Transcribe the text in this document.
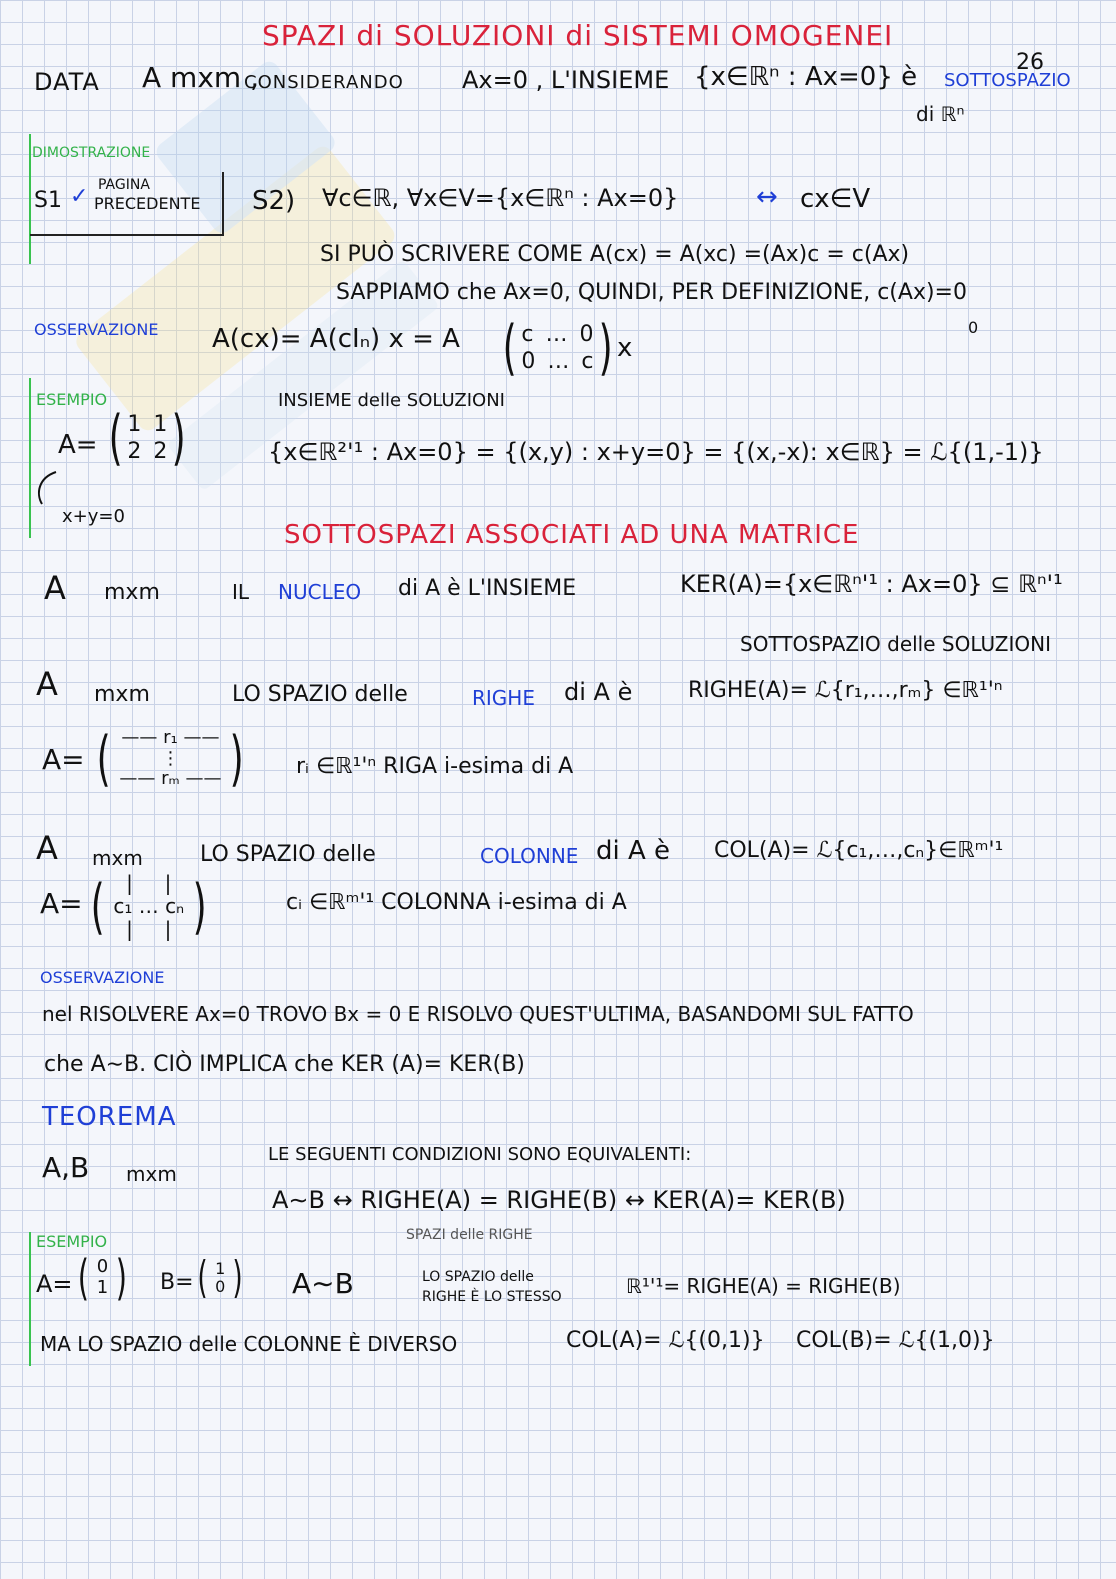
26
SPAZI di SOLUZIONI di SISTEMI OMOGENEI
DATA A mxm ,
CONSIDERANDO Ax=0 , L'INSIEME {x∈ℝⁿ : Ax=0} è SOTTOSPAZIO
di ℝⁿ
DIMOSTRAZIONE
S1 ✓ PAGINA
PRECEDENTE S2) ∀c∈ℝ, ∀x∈V={x∈ℝⁿ : Ax=0}	↔ cx∈V
SI PUÒ SCRIVERE COME A(cx) = A(xc) =(Ax)c = c(Ax)
SAPPIAMO che Ax=0, QUINDI, PER DEFINIZIONE, c(Ax)=0
0
OSSERVAZIONE A(cx)= A(cIₙ) x = A ( c … 0
0 … c ) x
ESEMPIO
A= ( 1 1
2 2 )
x+y=0
INSIEME delle SOLUZIONI
{x∈ℝ²'¹ : Ax=0} = {(x,y) : x+y=0} = {(x,-x): x∈ℝ} = ℒ{(1,-1)}
SOTTOSPAZI ASSOCIATI AD UNA MATRICE
A mxm	IL NUCLEO di A è L'INSIEME	KER(A)={x∈ℝⁿ'¹ : Ax=0} ⊆ ℝⁿ'¹
SOTTOSPAZIO delle SOLUZIONI
A mxm	LO SPAZIO delle	RIGHE di A è	RIGHE(A)= ℒ{r₁,…,rₘ} ∈ℝ¹'ⁿ
A= ( —— r₁ ——
⋮
—— rₘ —— ) rᵢ ∈ℝ¹'ⁿ RIGA i-esima di A
A mxm	LO SPAZIO delle	COLONNE di A è COL(A)= ℒ{c₁,…,cₙ}∈ℝᵐ'¹
A= ( |     |
c₁ … cₙ
|     | )	cᵢ ∈ℝᵐ'¹ COLONNA i-esima di A
OSSERVAZIONE
nel RISOLVERE Ax=0 TROVO Bx = 0 E RISOLVO QUEST'ULTIMA, BASANDOMI SUL FATTO
che A∼B. CIÒ IMPLICA che KER (A)= KER(B)
TEOREMA
A,B mxm
LE SEGUENTI CONDIZIONI SONO EQUIVALENTI:
A∼B ↔ RIGHE(A) = RIGHE(B) ↔ KER(A)= KER(B)
SPAZI delle RIGHE
ESEMPIO
A= ( 0
1 ) B= ( 1
0 ) A∼B	LO SPAZIO delle
RIGHE È LO STESSO	ℝ¹'¹= RIGHE(A) = RIGHE(B)
MA LO SPAZIO delle COLONNE È DIVERSO	COL(A)= ℒ{(0,1)} COL(B)= ℒ{(1,0)}
